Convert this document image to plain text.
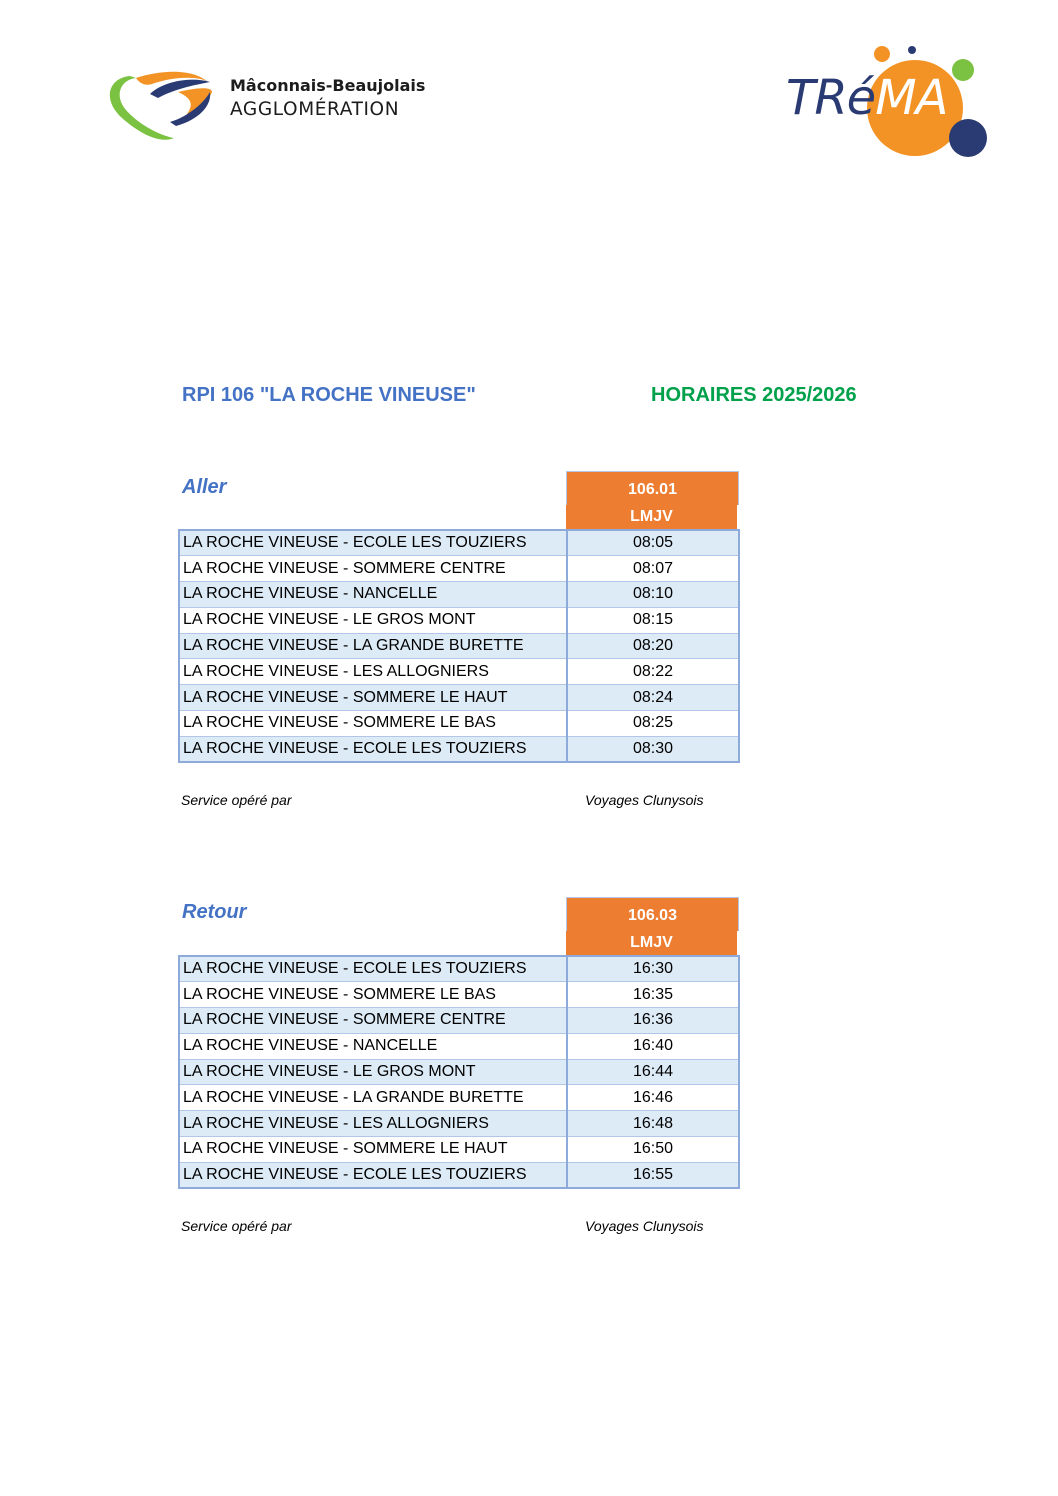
Mâconnais-Beaujolais
AGGLOMÉRATION	TRéMA
RPI 106 "LA ROCHE VINEUSE"	HORAIRES 2025/2026
Aller	106.01
LMJV
LA ROCHE VINEUSE - ECOLE LES TOUZIERS	08:05
LA ROCHE VINEUSE - SOMMERE CENTRE	08:07
LA ROCHE VINEUSE - NANCELLE	08:10
LA ROCHE VINEUSE - LE GROS MONT	08:15
LA ROCHE VINEUSE - LA GRANDE BURETTE	08:20
LA ROCHE VINEUSE - LES ALLOGNIERS	08:22
LA ROCHE VINEUSE - SOMMERE LE HAUT	08:24
LA ROCHE VINEUSE - SOMMERE LE BAS	08:25
LA ROCHE VINEUSE - ECOLE LES TOUZIERS	08:30
Service opéré par	Voyages Clunysois
Retour	106.03
LMJV
LA ROCHE VINEUSE - ECOLE LES TOUZIERS	16:30
LA ROCHE VINEUSE - SOMMERE LE BAS	16:35
LA ROCHE VINEUSE - SOMMERE CENTRE	16:36
LA ROCHE VINEUSE - NANCELLE	16:40
LA ROCHE VINEUSE - LE GROS MONT	16:44
LA ROCHE VINEUSE - LA GRANDE BURETTE	16:46
LA ROCHE VINEUSE - LES ALLOGNIERS	16:48
LA ROCHE VINEUSE - SOMMERE LE HAUT	16:50
LA ROCHE VINEUSE - ECOLE LES TOUZIERS	16:55
Service opéré par	Voyages Clunysois
